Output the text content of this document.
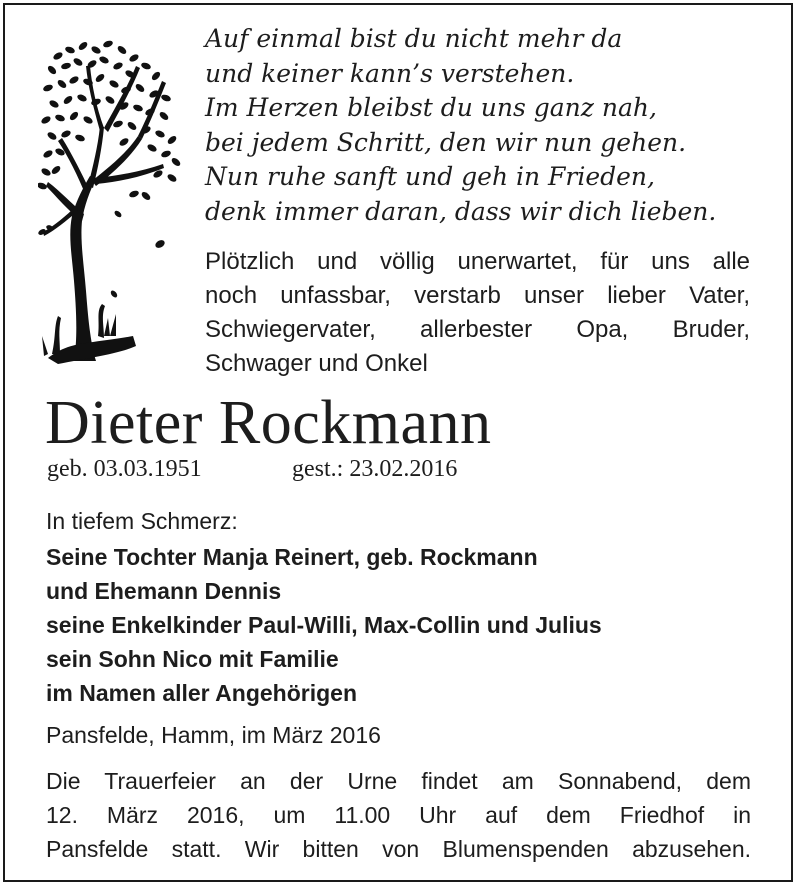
Auf einmal bist du nicht mehr da
und keiner kann’s verstehen.
Im Herzen bleibst du uns ganz nah,
bei jedem Schritt, den wir nun gehen.
Nun ruhe sanft und geh in Frieden,
denk immer daran, dass wir dich lieben.
Plötzlich und völlig unerwartet, für uns alle
noch unfassbar, verstarb unser lieber Vater,
Schwiegervater, allerbester Opa, Bruder,
Schwager und Onkel
Dieter Rockmann
geb. 03.03.1951	gest.: 23.02.2016
In tiefem Schmerz:
Seine Tochter Manja Reinert, geb. Rockmann
und Ehemann Dennis
seine Enkelkinder Paul-Willi, Max-Collin und Julius
sein Sohn Nico mit Familie
im Namen aller Angehörigen
Pansfelde, Hamm, im März 2016
Die Trauerfeier an der Urne findet am Sonnabend, dem
12. März 2016, um 11.00 Uhr auf dem Friedhof in
Pansfelde statt. Wir bitten von Blumenspenden abzusehen.
